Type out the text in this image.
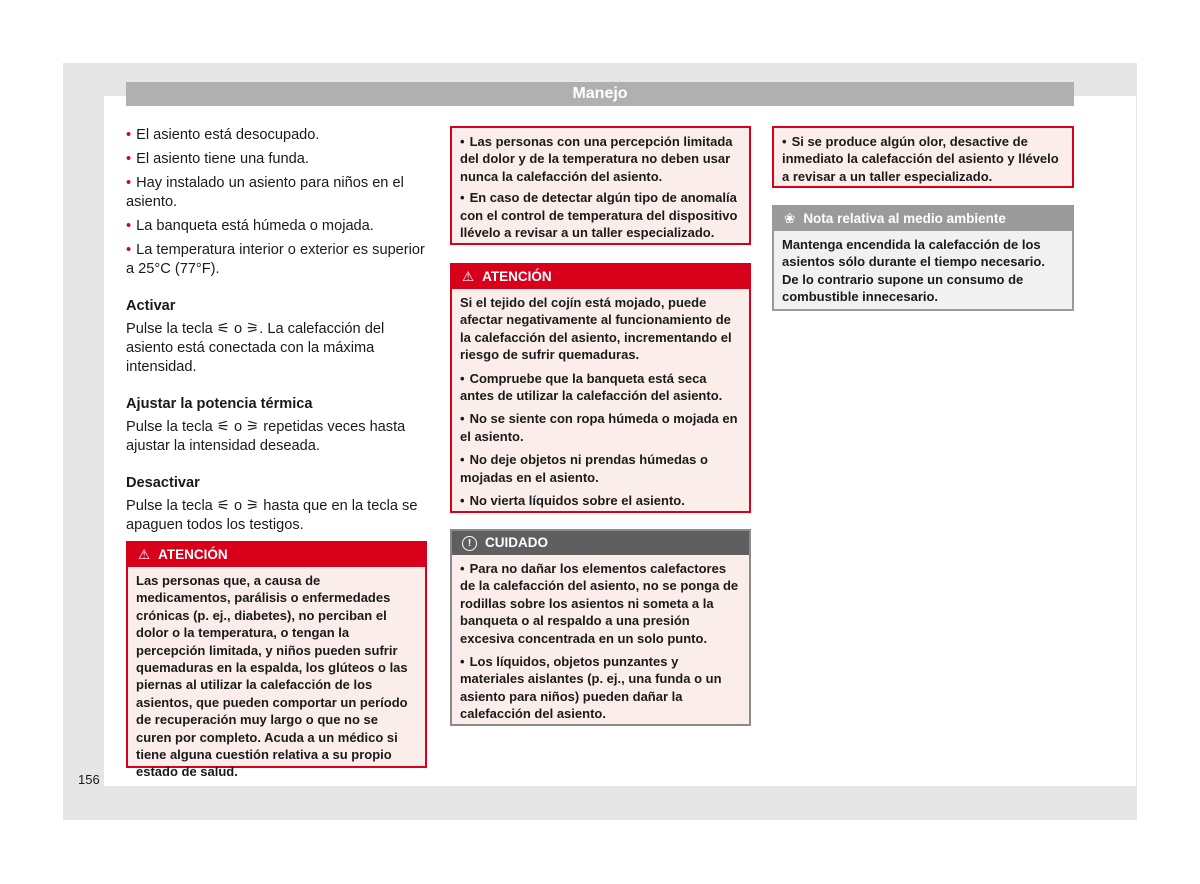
Manejo

• El asiento está desocupado.

• El asiento tiene una funda.

• Hay instalado un asiento para niños en el asiento.

• La banqueta está húmeda o mojada.

• La temperatura interior o exterior es superior a 25°C (77°F).

Activar

Pulse la tecla ⚟ o ⚞. La calefacción del asiento está conectada con la máxima intensidad.

Ajustar la potencia térmica

Pulse la tecla ⚟ o ⚞ repetidas veces hasta ajustar la intensidad deseada.

Desactivar

Pulse la tecla ⚟ o ⚞ hasta que en la tecla se apaguen todos los testigos.

⚠ ATENCIÓN

Las personas que, a causa de medicamentos, parálisis o enfermedades crónicas (p. ej., diabetes), no perciban el dolor o la temperatura, o tengan la percepción limitada, y niños pueden sufrir quemaduras en la espalda, los glúteos o las piernas al utilizar la calefacción de los asientos, que pueden comportar un período de recuperación muy largo o que no se curen por completo. Acuda a un médico si tiene alguna cuestión relativa a su propio estado de salud.

• Las personas con una percepción limitada del dolor y de la temperatura no deben usar nunca la calefacción del asiento.

• En caso de detectar algún tipo de anomalía con el control de temperatura del dispositivo llévelo a revisar a un taller especializado.

⚠ ATENCIÓN

Si el tejido del cojín está mojado, puede afectar negativamente al funcionamiento de la calefacción del asiento, incrementando el riesgo de sufrir quemaduras.

• Compruebe que la banqueta está seca antes de utilizar la calefacción del asiento.

• No se siente con ropa húmeda o mojada en el asiento.

• No deje objetos ni prendas húmedas o mojadas en el asiento.

• No vierta líquidos sobre el asiento.

! CUIDADO

• Para no dañar los elementos calefactores de la calefacción del asiento, no se ponga de rodillas sobre los asientos ni someta a la banqueta o al respaldo a una presión excesiva concentrada en un solo punto.

• Los líquidos, objetos punzantes y materiales aislantes (p. ej., una funda o un asiento para niños) pueden dañar la calefacción del asiento.

• Si se produce algún olor, desactive de inmediato la calefacción del asiento y llévelo a revisar a un taller especializado.

❀ Nota relativa al medio ambiente

Mantenga encendida la calefacción de los asientos sólo durante el tiempo necesario. De lo contrario supone un consumo de combustible innecesario.

156
